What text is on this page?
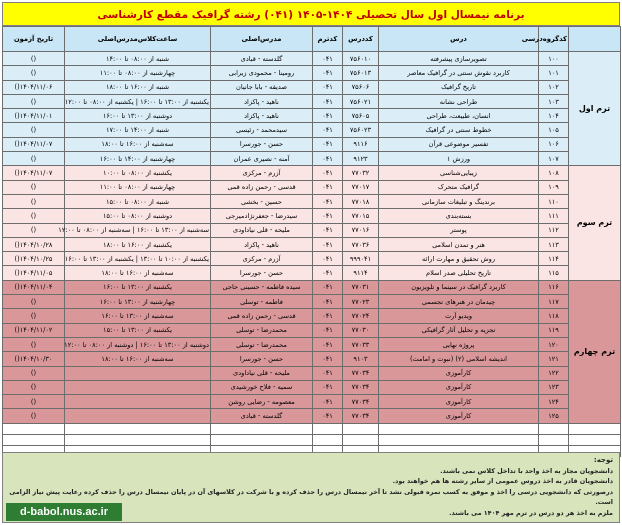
برنامه نیمسال اول سال تحصیلی ۱۴۰۴-۱۴۰۵ (۰۴۱) رشته گرافیک مقطع کارشناسی
	کدگروه‌درسی	درس	کددرس	کدترم	مدرس‌اصلی	ساعت‌کلاس‌مدرس‌اصلی	تاریخ آزمون
ترم اول	۱۰۰	تصویرسازی پیشرفته	۷۵۶۰۱۰	۰۴۱	گلدسته - قبادی	شنبه از ۰۸:۰۰ تا ۱۴:۰۰	()
	۱۰۱	کاربرد نقوش سنتی در گرافیک معاصر	۷۵۶۰۱۳	۰۴۱	رومینا - محمودی زیرابی	چهارشنبه از ۰۸:۰۰ تا ۱۱:۰۰	()
	۱۰۲	تاریخ گرافیک	۷۵۶۰۶	۰۴۱	صدیقه - بابا جانیان	شنبه از ۱۶:۰۰ تا ۱۸:۰۰	۱۴۰۴/۱۱/۰۶()
	۱۰۳	طراحی نشانه	۷۵۶۰۲۱	۰۴۱	ناهید - پاکزاد	یکشنبه از ۱۳:۰۰ تا ۱۶:۰۰ | یکشنبه از ۰۸:۰۰ تا ۱۲:۰۰	()
	۱۰۴	انسان، طبیعت، طراحی	۷۵۶۰۵	۰۴۱	ناهید - پاکزاد	دوشنبه از ۱۳:۰۰ تا ۱۶:۰۰	۱۴۰۴/۱۱/۰۱()
	۱۰۵	خطوط سنتی در گرافیک	۷۵۶۰۲۳	۰۴۱	سیدمحمد - رئیسی	شنبه از ۱۴:۰۰ تا ۱۷:۰۰	()
	۱۰۶	تفسیر موضوعی قرآن	۹۱۱۶	۰۴۱	حسن - جورسرا	سه‌شنبه از ۱۶:۰۰ تا ۱۸:۰۰	۱۴۰۴/۱۱/۰۷()
	۱۰۷	ورزش ۱	۹۱۲۳	۰۴۱	آمنه - نصیری عمران	چهارشنبه از ۱۴:۰۰ تا ۱۶:۰۰	()
ترم سوم	۱۰۸	زیبایی‌شناسی	۷۷۰۳۲	۰۴۱	آزرم - مرکزی	یکشنبه از ۰۸:۰۰ تا ۱۰:۰۰	۱۴۰۴/۱۱/۰۷()
	۱۰۹	گرافیک متحرک	۷۷۰۱۷	۰۴۱	قدسی - رحمن زاده قمی	چهارشنبه از ۰۸:۰۰ تا ۱۱:۰۰	()
	۱۱۰	برندینگ و تبلیغات سازمانی	۷۷۰۱۸	۰۴۱	حسین - بخشی	شنبه از ۰۸:۰۰ تا ۱۵:۰۰	()
	۱۱۱	بسته‌بندی	۷۷۰۱۵	۰۴۱	سیدرضا - جعفرنژادمیرجی	دوشنبه از ۰۸:۰۰ تا ۱۵:۰۰	()
	۱۱۲	پوستر	۷۷۰۱۶	۰۴۱	ملیحه - قلی نیاداودی	سه‌شنبه از ۱۳:۰۰ تا ۱۶:۰۰ | سه‌شنبه از ۰۸:۰۰ تا ۱۲:۰۰	()
	۱۱۳	هنر و تمدن اسلامی	۷۷۰۳۶	۰۴۱	ناهید - پاکزاد	یکشنبه از ۱۶:۰۰ تا ۱۸:۰۰	۱۴۰۴/۱۰/۲۸()
	۱۱۴	روش تحقیق و مهارت ارائه	۹۹۹۰۴۱	۰۴۱	آزرم - مرکزی	یکشنبه از ۱۰:۰۰ تا ۱۳:۰۰ | یکشنبه از ۱۳:۰۰ تا ۱۶:۰۰	۱۴۰۴/۱۰/۲۵()
	۱۱۵	تاریخ تحلیلی صدر اسلام	۹۱۱۴	۰۴۱	حسن - جورسرا	سه‌شنبه از ۱۶:۰۰ تا ۱۸:۰۰	۱۴۰۴/۱۱/۰۵()
ترم چهارم	۱۱۶	کاربرد گرافیک در سینما و تلویزیون	۷۷۰۳۱	۰۴۱	سیده فاطمه - حسینی حاجی	یکشنبه از ۱۳:۰۰ تا ۱۶:۰۰	۱۴۰۴/۱۱/۰۴()
	۱۱۷	چیدمان در هنرهای تجسمی	۷۷۰۲۳	۰۴۱	فاطمه - توسلی	چهارشنبه از ۱۳:۰۰ تا ۱۶:۰۰	()
	۱۱۸	ویدیو آرت	۷۷۰۲۴	۰۴۱	قدسی - رحمن زاده قمی	سه‌شنبه از ۱۳:۰۰ تا ۱۶:۰۰	()
	۱۱۹	تجزیه و تحلیل آثار گرافیکی	۷۷۰۳۰	۰۴۱	محمدرضا - توسلی	یکشنبه از ۱۳:۰۰ تا ۱۵:۰۰	۱۴۰۴/۱۱/۰۲()
	۱۲۰	پروژه نهایی	۷۷۰۳۳	۰۴۱	محمدرضا - توسلی	دوشنبه از ۱۳:۰۰ تا ۱۶:۰۰ | دوشنبه از ۰۸:۰۰ تا ۱۲:۰۰	()
	۱۲۱	اندیشه اسلامی (۲) (نبوت و امامت)	۹۱۰۳	۰۴۱	حسن - جورسرا	سه‌شنبه از ۱۶:۰۰ تا ۱۸:۰۰	۱۴۰۴/۱۰/۳۰()
	۱۲۲	کارآموزی	۷۷۰۳۴	۰۴۱	ملیحه - قلی نیاداودی		()
	۱۲۳	کارآموزی	۷۷۰۳۴	۰۴۱	سمیه - فلاح خورشیدی		()
	۱۲۴	کارآموزی	۷۷۰۳۴	۰۴۱	معصومه - رضایی روشن		()
	۱۲۵	کارآموزی	۷۷۰۳۴	۰۴۱	گلدسته - قبادی		()

توجه:
دانشجویان مجاز به اخذ واحد با تداخل کلاس نمی باشند.
دانشجویان قادر به اخذ دروس عمومی از سایر رشته ها هم خواهند بود.
درصورتی که دانشجویی درسی را اخذ و موفق به کسب نمره قبولی نشد تا آخر نیمسال درس را حذف کرده و با شرکت در کلاسهای آن در پایان نیمسال درس را حذف کرده رعایت پیش نیاز الزامی است.
ملزم به اخذ هر دو درس در ترم مهر ۱۴۰۴ می باشند.
d-babol.nus.ac.ir
